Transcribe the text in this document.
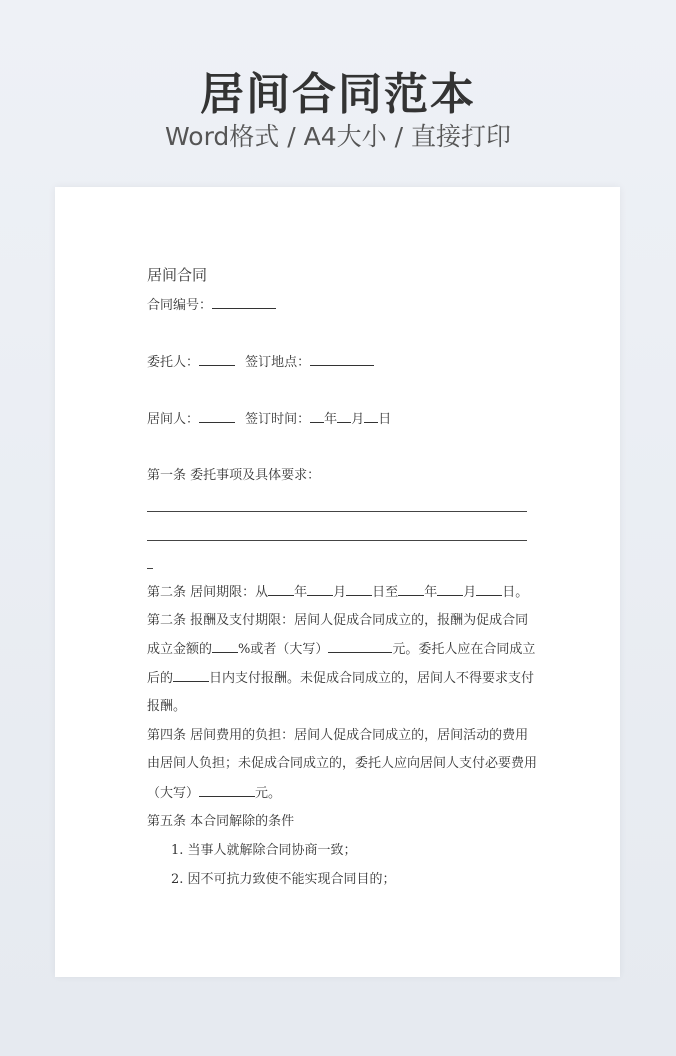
居间合同范本
Word格式 / A4大小 / 直接打印
居间合同
合同编号：
委托人：	签订地点：
居间人：	签订时间： 年 月 日
第一条 委托事项及具体要求：
第二条 居间期限：从 年 月 日至 年 月 日。
第二条 报酬及支付期限：居间人促成合同成立的，报酬为促成合同
成立金额的 %或者（大写）	元。委托人应在合同成立
后的	日内支付报酬。未促成合同成立的，居间人不得要求支付
报酬。
第四条 居间费用的负担：居间人促成合同成立的，居间活动的费用
由居间人负担；未促成合同成立的，委托人应向居间人支付必要费用
（大写）	元。
第五条 本合同解除的条件
1. 当事人就解除合同协商一致；
2. 因不可抗力致使不能实现合同目的；
